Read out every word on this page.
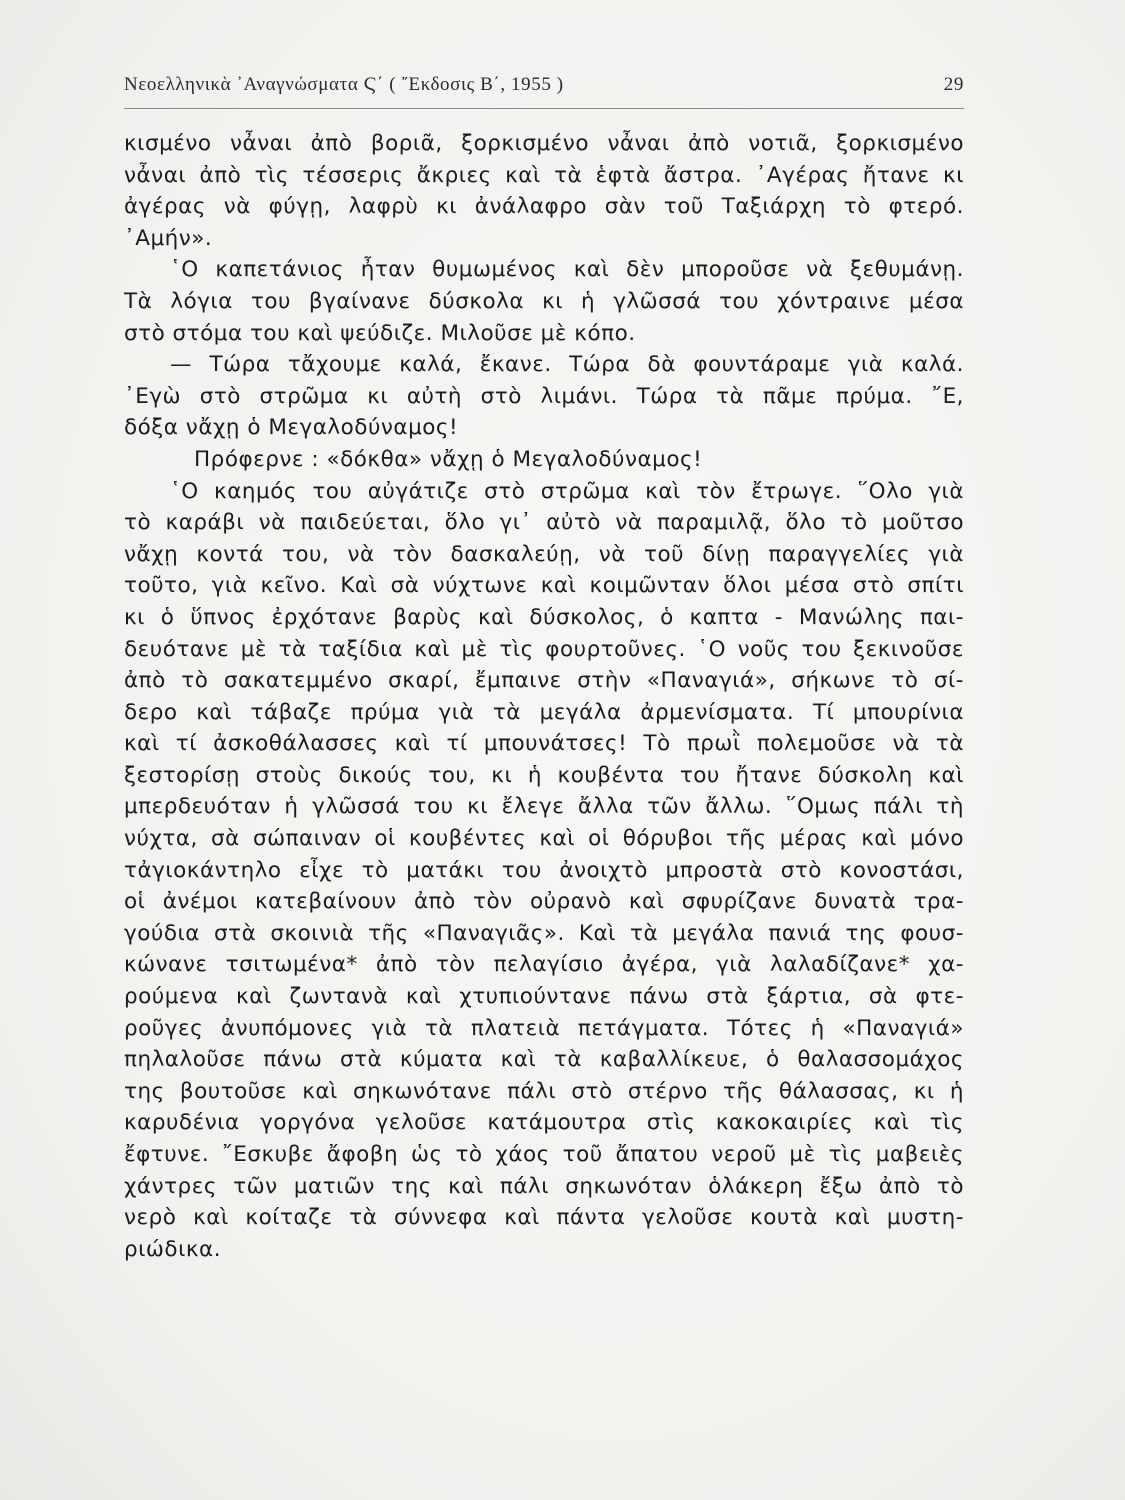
Νεοελληνικὰ ᾿Αναγνώσματα Ϛ΄ ( ῎Εκδοσις Β΄, 1955 )	29
κισμένο νἆναι ἀπὸ βοριᾶ, ξορκισμένο νἆναι ἀπὸ νοτιᾶ, ξορκισμένο
νἆναι ἀπὸ τὶς τέσσερις ἄκριες καὶ τὰ ἑφτὰ ἄστρα. ᾿Αγέρας ἤτανε κι
ἀγέρας νὰ φύγῃ, λαφρὺ κι ἀνάλαφρο σὰν τοῦ Ταξιάρχη τὸ φτερό.
᾿Αμήν».
῾Ο καπετάνιος ἦταν θυμωμένος καὶ δὲν μποροῦσε νὰ ξεθυμάνῃ.
Τὰ λόγια του βγαίνανε δύσκολα κι ἡ γλῶσσά του χόντραινε μέσα
στὸ στόμα του καὶ ψεύδιζε. Μιλοῦσε μὲ κόπο.
— Τώρα τἄχουμε καλά, ἔκανε. Τώρα δὰ φουντάραμε γιὰ καλά.
᾿Εγὼ στὸ στρῶμα κι αὐτὴ στὸ λιμάνι. Τώρα τὰ πᾶμε πρύμα. ῎Ε,
δόξα νἄχῃ ὁ Μεγαλοδύναμος!
Πρόφερνε : «δόκθα» νἄχῃ ὁ Μεγαλοδύναμος!
῾Ο καημός του αὐγάτιζε στὸ στρῶμα καὶ τὸν ἔτρωγε. ῞Ολο γιὰ
τὸ καράβι νὰ παιδεύεται, ὅλο γι᾿ αὐτὸ νὰ παραμιλᾷ, ὅλο τὸ μοῦτσο
νἄχῃ κοντά του, νὰ τὸν δασκαλεύῃ, νὰ τοῦ δίνῃ παραγγελίες γιὰ
τοῦτο, γιὰ κεῖνο. Καὶ σὰ νύχτωνε καὶ κοιμῶνταν ὅλοι μέσα στὸ σπίτι
κι ὁ ὕπνος ἐρχότανε βαρὺς καὶ δύσκολος, ὁ καπτα - Μανώλης παι-
δευότανε μὲ τὰ ταξίδια καὶ μὲ τὶς φουρτοῦνες. ῾Ο νοῦς του ξεκινοῦσε
ἀπὸ τὸ σακατεμμένο σκαρί, ἔμπαινε στὴν «Παναγιά», σήκωνε τὸ σί-
δερο καὶ τάβαζε πρύμα γιὰ τὰ μεγάλα ἀρμενίσματα. Τί μπουρίνια
καὶ τί ἀσκοθάλασσες καὶ τί μπουνάτσες! Τὸ πρωῒ πολεμοῦσε νὰ τὰ
ξεστορίσῃ στοὺς δικούς του, κι ἡ κουβέντα του ἤτανε δύσκολη καὶ
μπερδευόταν ἡ γλῶσσά του κι ἔλεγε ἄλλα τῶν ἄλλω. ῞Ομως πάλι τὴ
νύχτα, σὰ σώπαιναν οἱ κουβέντες καὶ οἱ θόρυβοι τῆς μέρας καὶ μόνο
τἀγιοκάντηλο εἶχε τὸ ματάκι του ἀνοιχτὸ μπροστὰ στὸ κονοστάσι,
οἱ ἀνέμοι κατεβαίνουν ἀπὸ τὸν οὐρανὸ καὶ σφυρίζανε δυνατὰ τρα-
γούδια στὰ σκοινιὰ τῆς «Παναγιᾶς». Καὶ τὰ μεγάλα πανιά της φουσ-
κώνανε τσιτωμένα* ἀπὸ τὸν πελαγίσιο ἀγέρα, γιὰ λαλαδίζανε* χα-
ρούμενα καὶ ζωντανὰ καὶ χτυπιούντανε πάνω στὰ ξάρτια, σὰ φτε-
ροῦγες ἀνυπόμονες γιὰ τὰ πλατειὰ πετάγματα. Τότες ἡ «Παναγιά»
πηλαλοῦσε πάνω στὰ κύματα καὶ τὰ καβαλλίκευε, ὁ θαλασσομάχος
της βουτοῦσε καὶ σηκωνότανε πάλι στὸ στέρνο τῆς θάλασσας, κι ἡ
καρυδένια γοργόνα γελοῦσε κατάμουτρα στὶς κακοκαιρίες καὶ τὶς
ἔφτυνε. ῎Εσκυβε ἄφοβη ὡς τὸ χάος τοῦ ἄπατου νεροῦ μὲ τὶς μαβειὲς
χάντρες τῶν ματιῶν της καὶ πάλι σηκωνόταν ὁλάκερη ἔξω ἀπὸ τὸ
νερὸ καὶ κοίταζε τὰ σύννεφα καὶ πάντα γελοῦσε κουτὰ καὶ μυστη-
ριώδικα.
